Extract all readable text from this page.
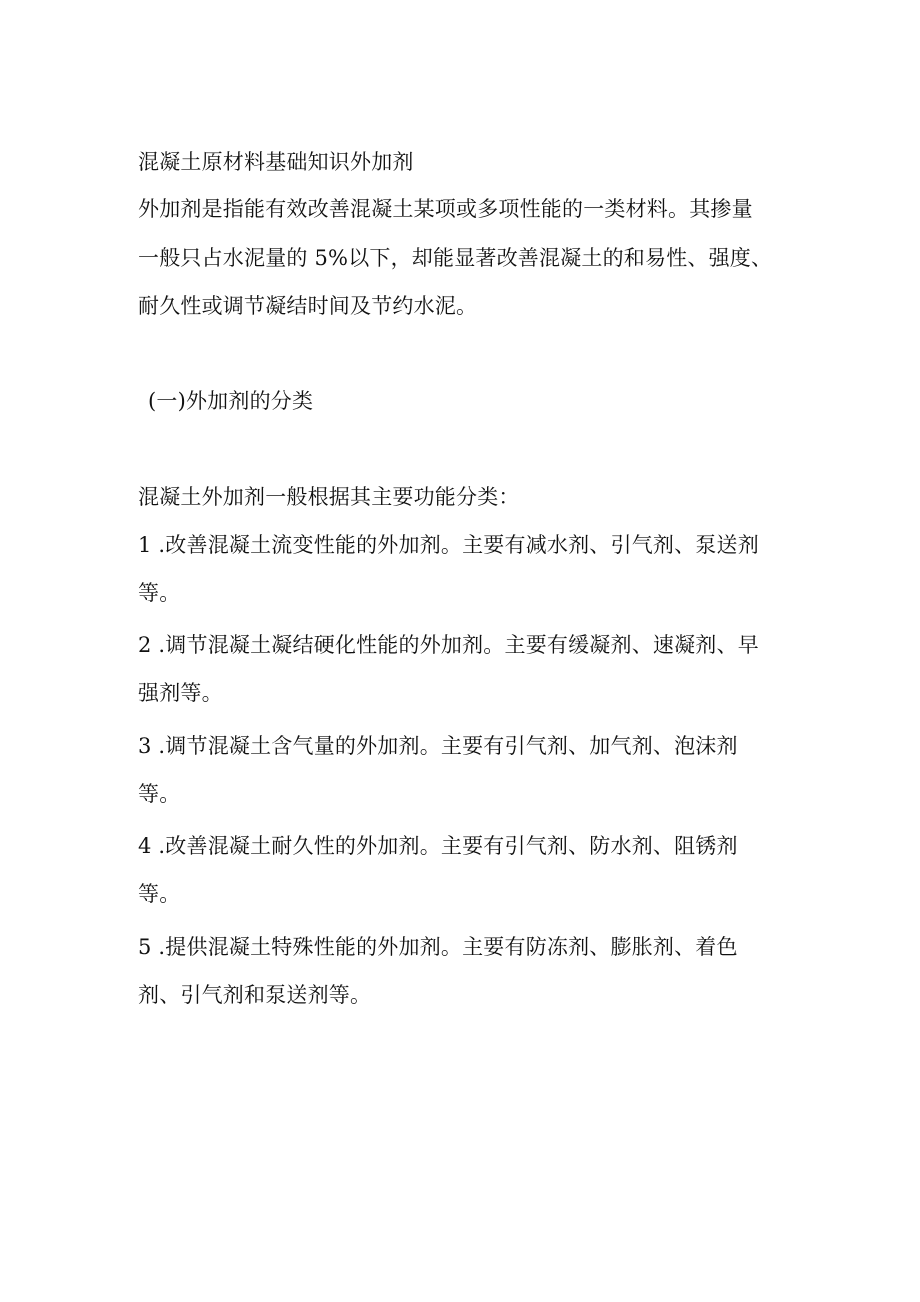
混凝土原材料基础知识外加剂
外加剂是指能有效改善混凝土某项或多项性能的一类材料。其掺量
一般只占水泥量的 5%以下，却能显著改善混凝土的和易性、强度、
耐久性或调节凝结时间及节约水泥。
(一)外加剂的分类
混凝土外加剂一般根据其主要功能分类：
1 .改善混凝土流变性能的外加剂。主要有减水剂、引气剂、泵送剂
等。
2 .调节混凝土凝结硬化性能的外加剂。主要有缓凝剂、速凝剂、早
强剂等。
3 .调节混凝土含气量的外加剂。主要有引气剂、加气剂、泡沫剂
等。
4 .改善混凝土耐久性的外加剂。主要有引气剂、防水剂、阻锈剂
等。
5 .提供混凝土特殊性能的外加剂。主要有防冻剂、膨胀剂、着色
剂、引气剂和泵送剂等。
